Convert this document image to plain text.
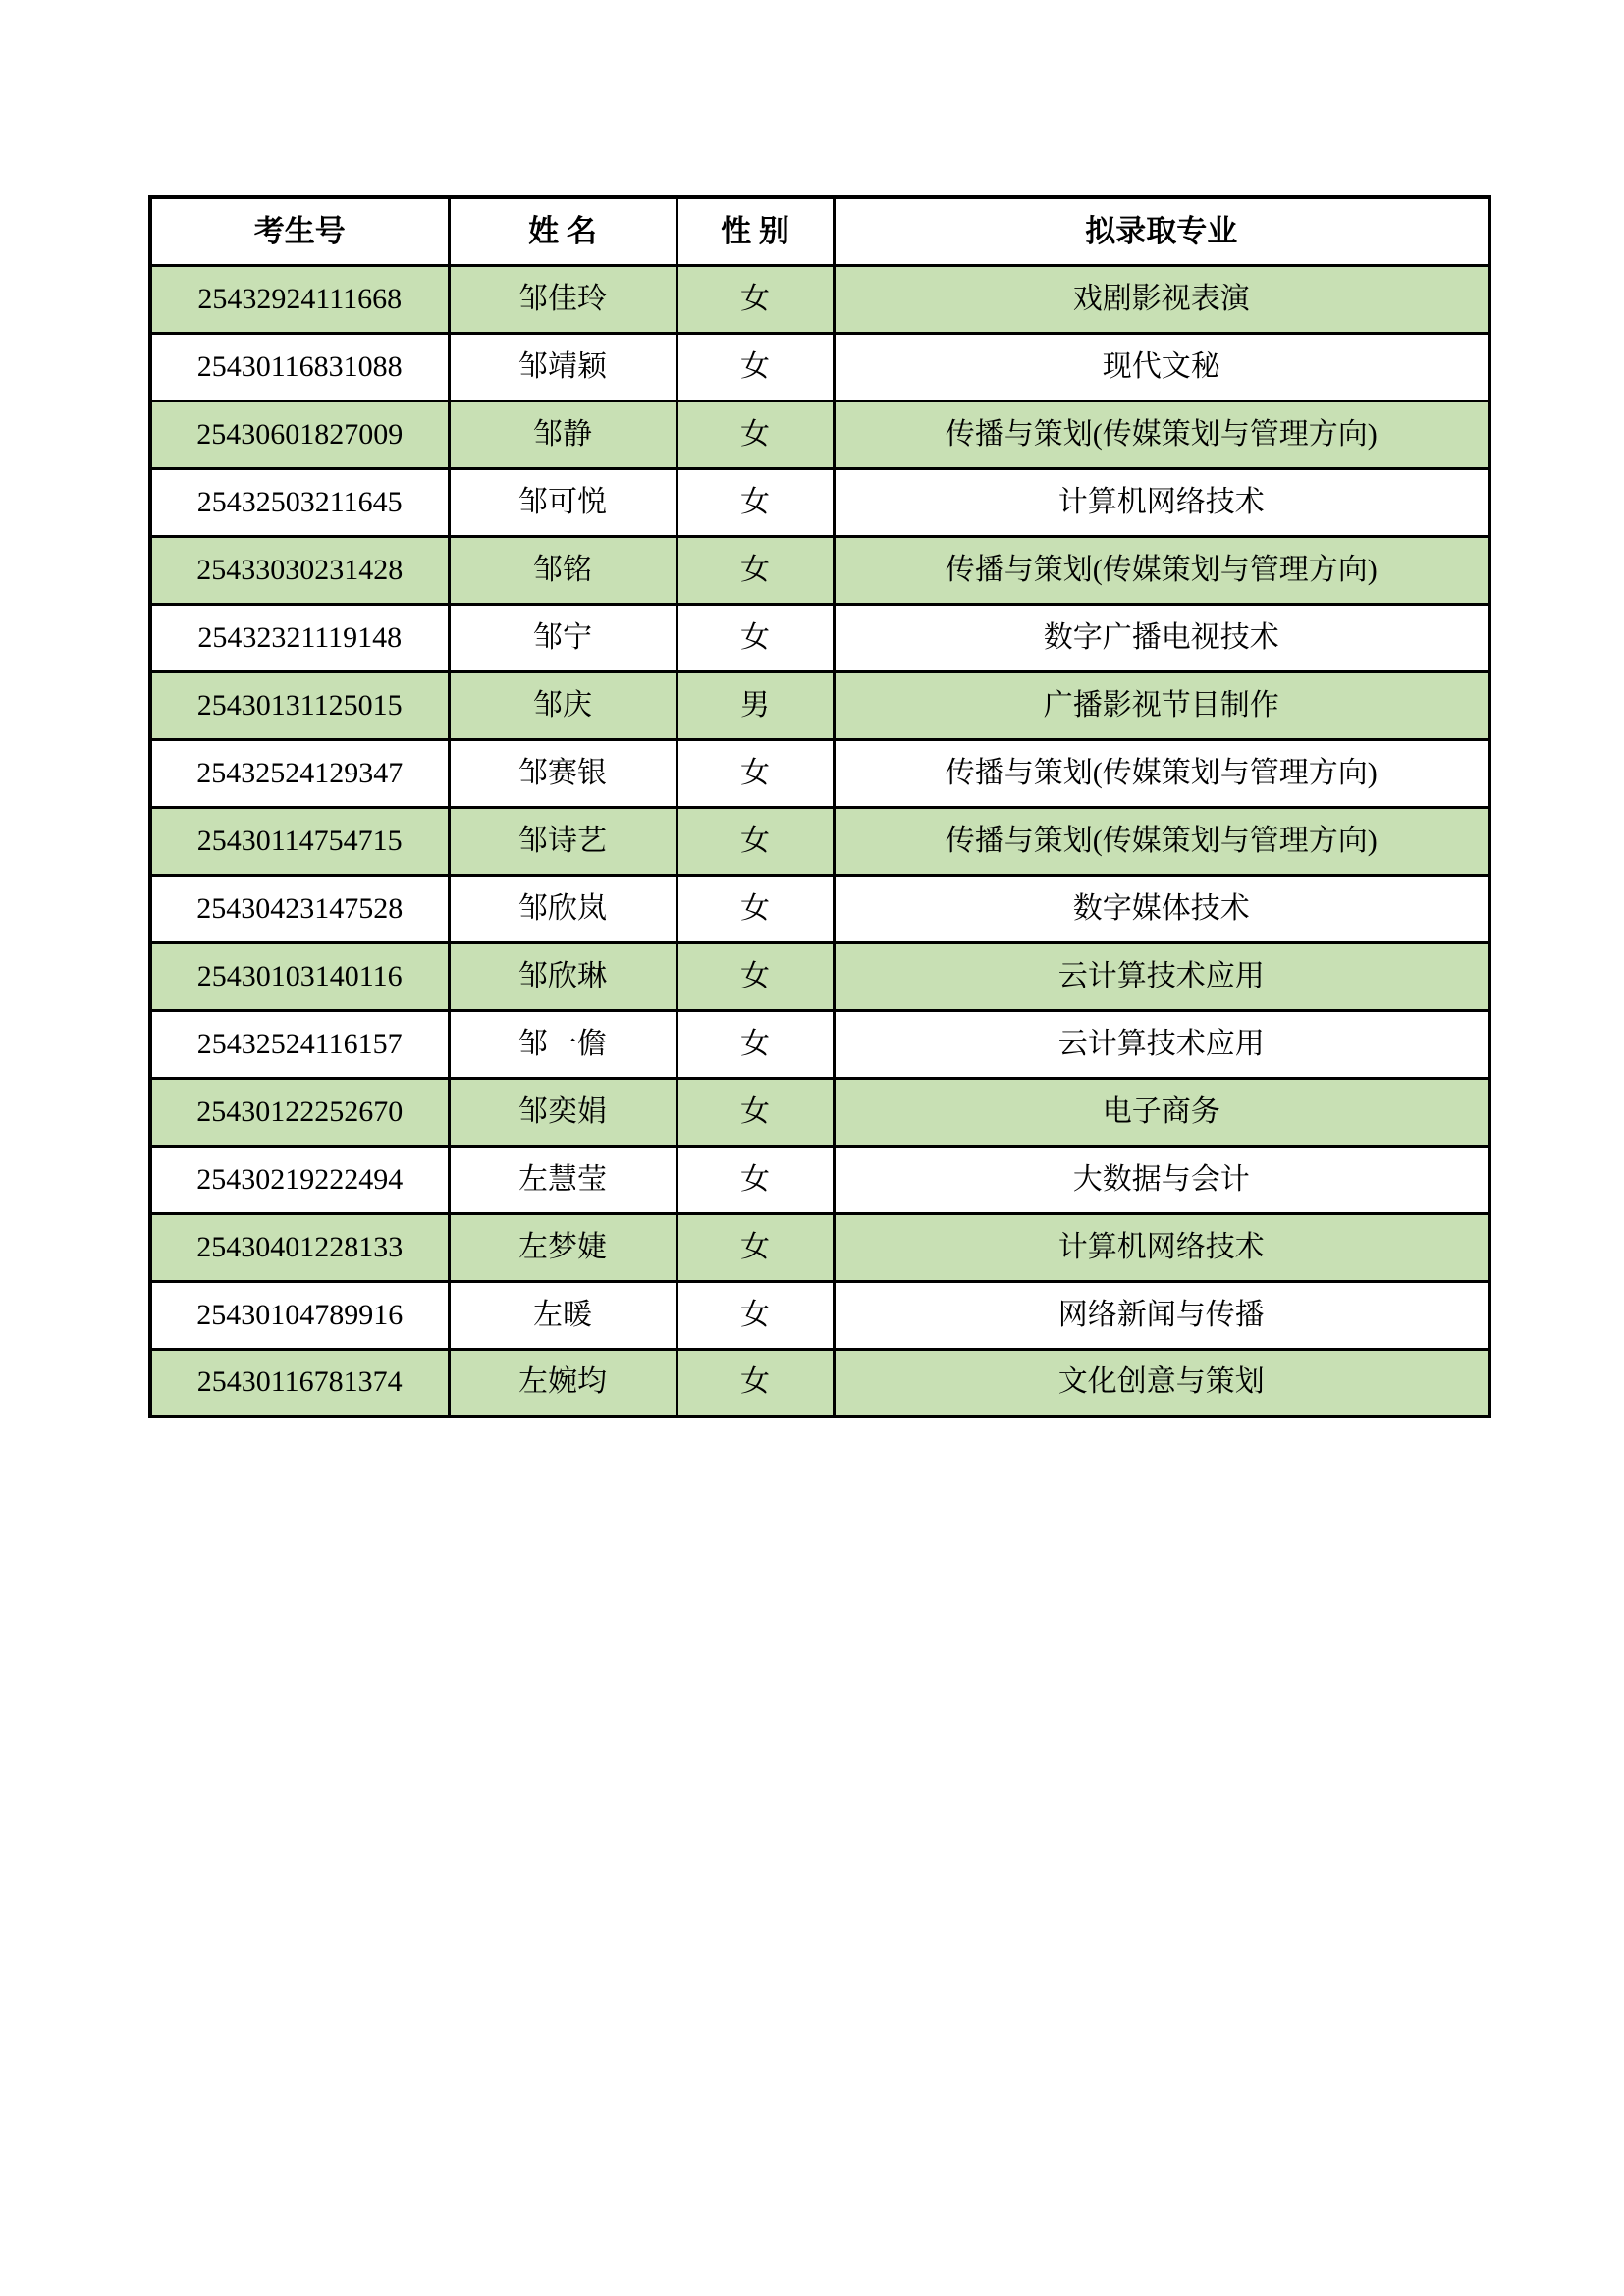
考生号	姓 名	性 别	拟录取专业
25432924111668	邹佳玲	女	戏剧影视表演
25430116831088	邹靖颖	女	现代文秘
25430601827009	邹静	女	传播与策划(传媒策划与管理方向)
25432503211645	邹可悦	女	计算机网络技术
25433030231428	邹铭	女	传播与策划(传媒策划与管理方向)
25432321119148	邹宁	女	数字广播电视技术
25430131125015	邹庆	男	广播影视节目制作
25432524129347	邹赛银	女	传播与策划(传媒策划与管理方向)
25430114754715	邹诗艺	女	传播与策划(传媒策划与管理方向)
25430423147528	邹欣岚	女	数字媒体技术
25430103140116	邹欣琳	女	云计算技术应用
25432524116157	邹一儋	女	云计算技术应用
25430122252670	邹奕娟	女	电子商务
25430219222494	左慧莹	女	大数据与会计
25430401228133	左梦婕	女	计算机网络技术
25430104789916	左暖	女	网络新闻与传播
25430116781374	左婉均	女	文化创意与策划
